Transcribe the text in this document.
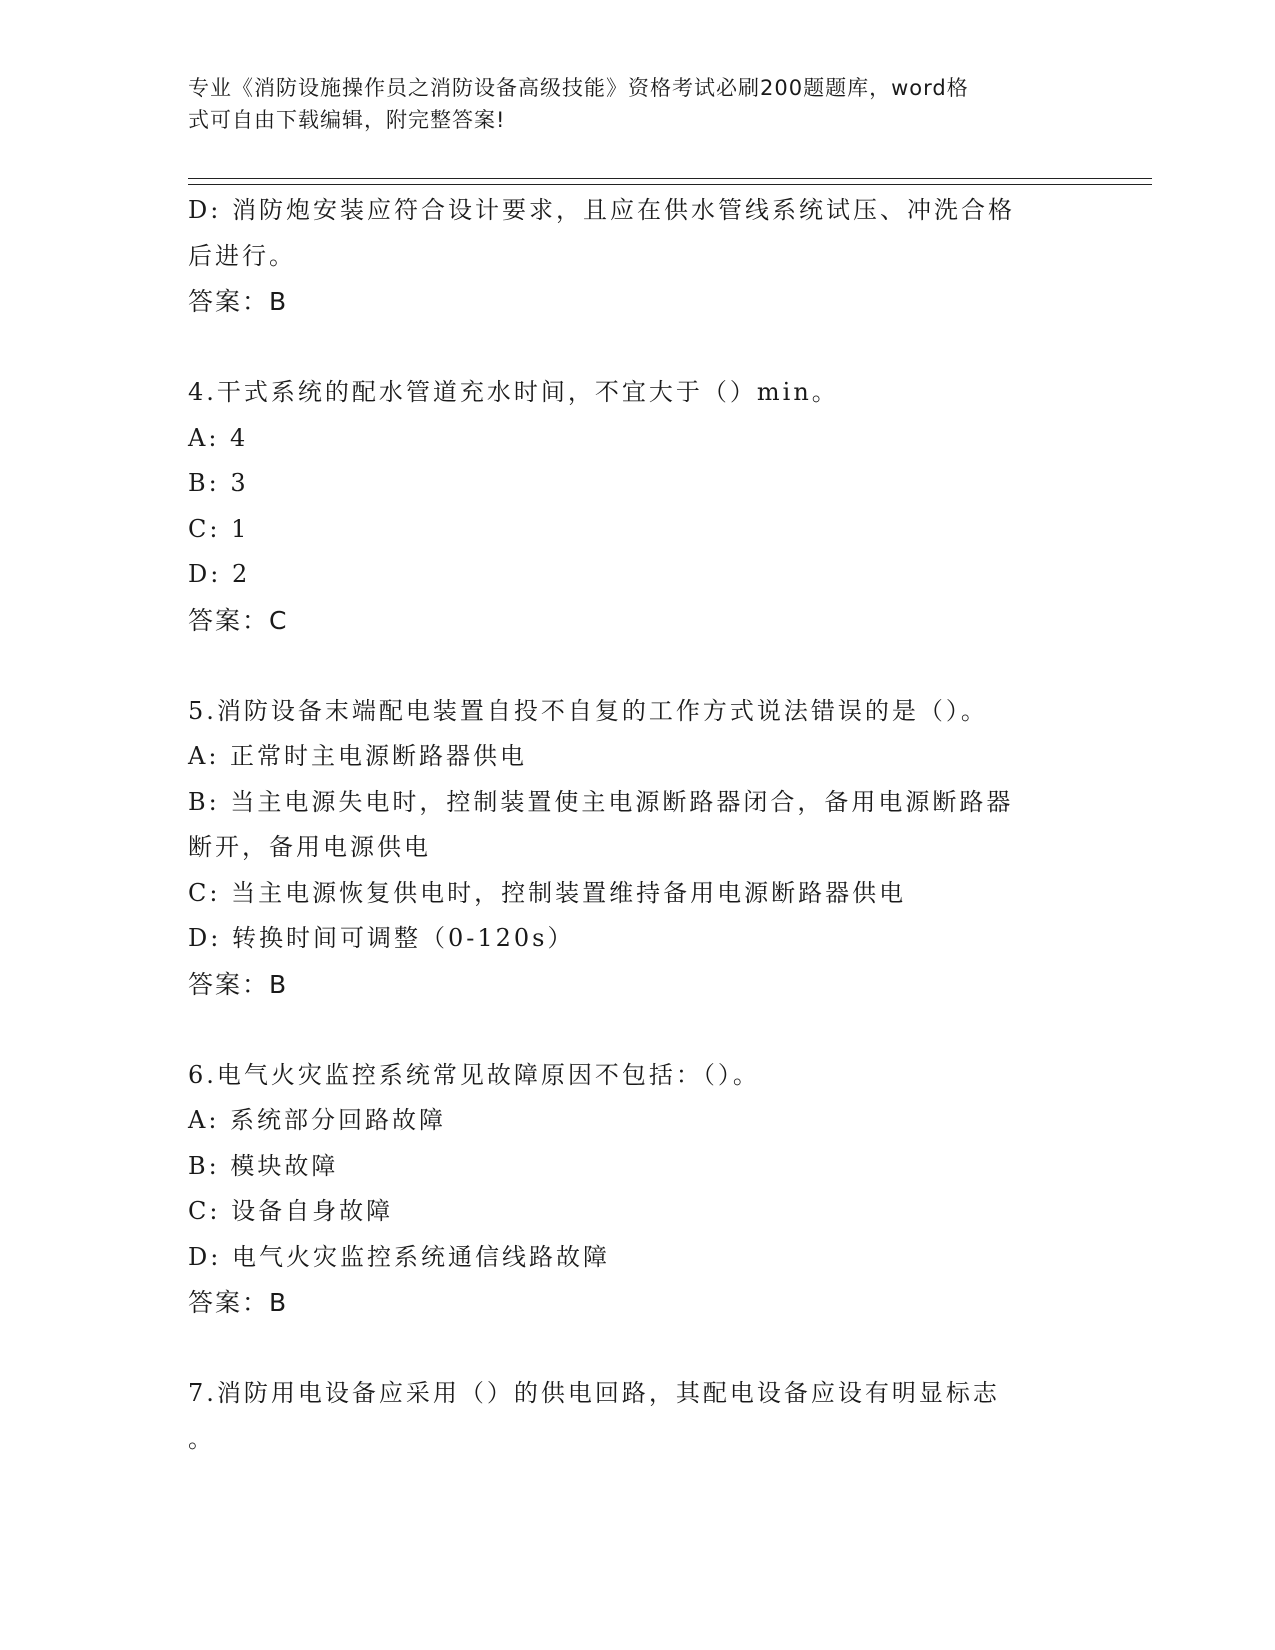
专业《消防设施操作员之消防设备高级技能》资格考试必刷200题题库，word格
式可自由下载编辑，附完整答案!
D: 消防炮安装应符合设计要求，且应在供水管线系统试压、冲洗合格
后进行。
答案：B
4.干式系统的配水管道充水时间，不宜大于（）min。
A: 4
B: 3
C: 1
D: 2
答案：C
5.消防设备末端配电装置自投不自复的工作方式说法错误的是（）。
A: 正常时主电源断路器供电
B: 当主电源失电时，控制装置使主电源断路器闭合，备用电源断路器
断开，备用电源供电
C: 当主电源恢复供电时，控制装置维持备用电源断路器供电
D: 转换时间可调整（0-120s）
答案：B
6.电气火灾监控系统常见故障原因不包括：（）。
A: 系统部分回路故障
B: 模块故障
C: 设备自身故障
D: 电气火灾监控系统通信线路故障
答案：B
7.消防用电设备应采用（）的供电回路，其配电设备应设有明显标志
。
